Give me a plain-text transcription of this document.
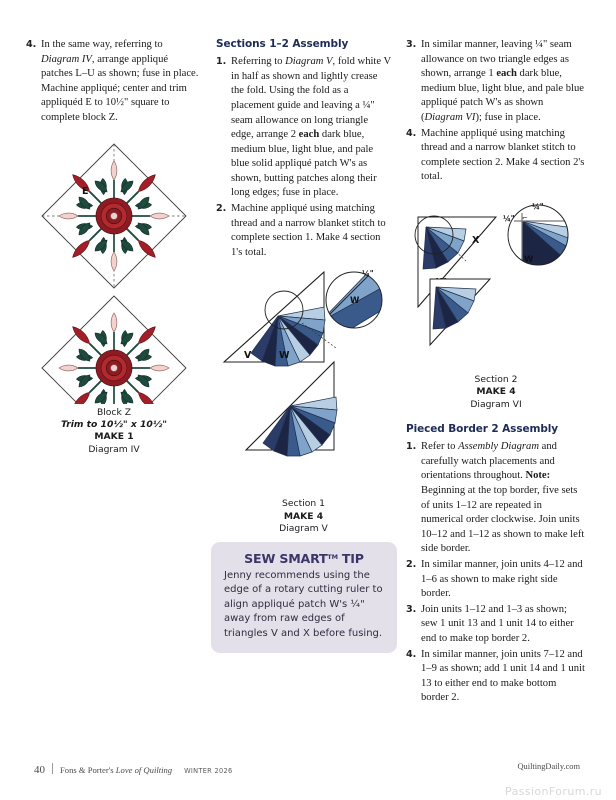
4. In the same way, referring to Diagram IV, arrange appliqué patches L–U as shown; fuse in place. Machine appliqué; center and trim appliquéd E to 10½" square to complete block Z.
E
Block Z
Trim to 10½" x 10½"
MAKE 1
Diagram IV
Sections 1–2 Assembly
1. Referring to Diagram V, fold white V in half as shown and lightly crease the fold. Using the fold as a placement guide and leaving a ¼" seam allowance on long triangle edge, arrange 2 each dark blue, medium blue, light blue, and pale blue solid appliqué patch W's as shown, butting patches along their long edges; fuse in place.
2. Machine appliqué using matching thread and a narrow blanket stitch to complete section 1. Make 4 section 1's total.
V	W
W
¼"
Section 1
MAKE 4
Diagram V
3. In similar manner, leaving ¼" seam allowance on two triangle edges as shown, arrange 1 each dark blue, medium blue, light blue, and pale blue appliqué patch W's as shown (Diagram VI); fuse in place.
4. Machine appliqué using matching thread and a narrow blanket stitch to complete section 2. Make 4 section 2's total.
X
W
¼"
¼" ⌐
Section 2
MAKE 4
Diagram VI
Pieced Border 2 Assembly
1. Refer to Assembly Diagram and carefully watch placements and orientations throughout. Note: Beginning at the top border, five sets of units 1–12 are repeated in numerical order clockwise. Join units 10–12 and 1–12 as shown to make left side border.
2. In similar manner, join units 4–12 and 1–6 as shown to make right side border.
3. Join units 1–12 and 1–3 as shown; sew 1 unit 13 and 1 unit 14 to either end to make top border 2.
4. In similar manner, join units 7–12 and 1–9 as shown; add 1 unit 14 and 1 unit 13 to either end to make bottom border 2.
SEW SMART™ TIP

Jenny recommends using the edge of a rotary cutting ruler to align appliqué patch W's ¼" away from raw edges of triangles V and X before fusing.

40 Fons & Porter's Love of Quilting WINTER 2026	QuiltingDaily.com
PassionForum.ru
